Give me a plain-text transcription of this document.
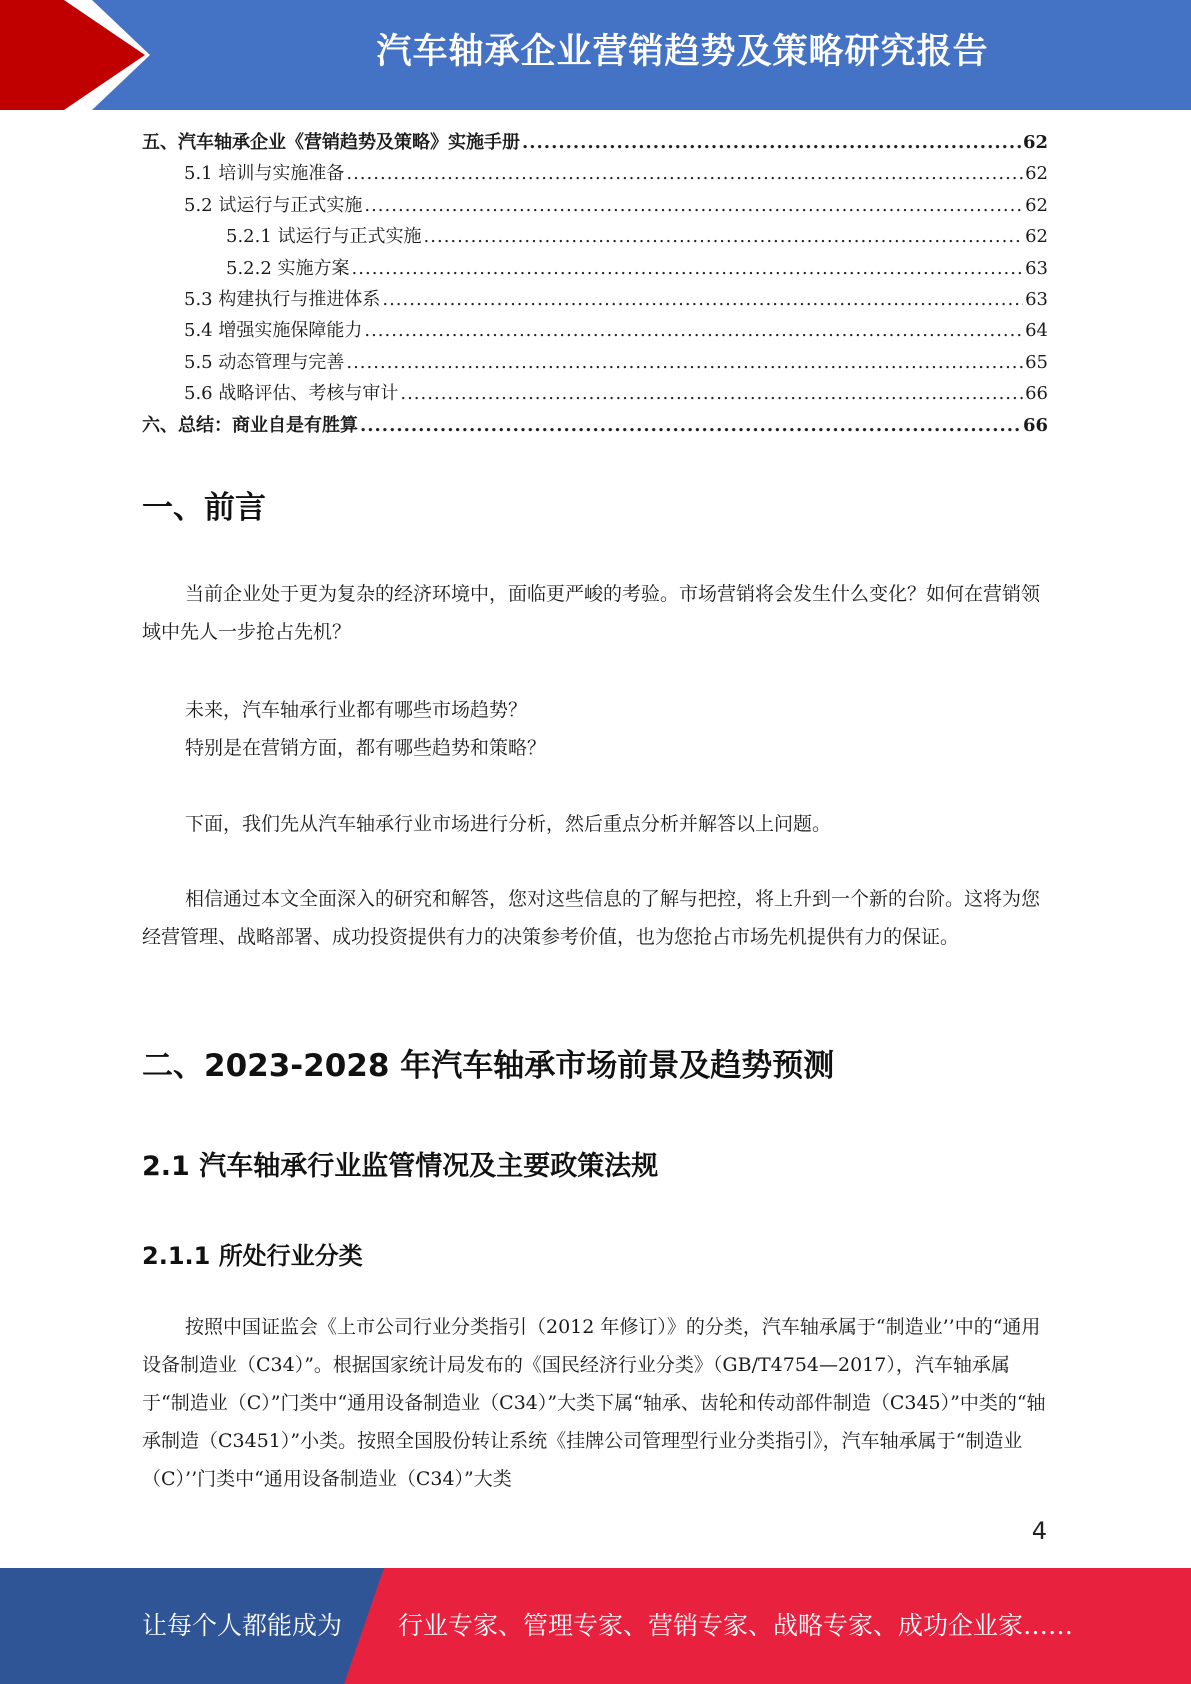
汽车轴承企业营销趋势及策略研究报告
五、汽车轴承企业《营销趋势及策略》实施手册 .....	62
5.1 培训与实施准备 .....	62
5.2 试运行与正式实施 .....	62
5.2.1 试运行与正式实施 .....	62
5.2.2 实施方案 .....	63
5.3 构建执行与推进体系 .....	63
5.4 增强实施保障能力 .....	64
5.5 动态管理与完善 .....	65
5.6 战略评估、考核与审计 .....	66
六、总结：商业自是有胜算 .....	66
一、前言
当前企业处于更为复杂的经济环境中，面临更严峻的考验。市场营销将会发生什么变化？如何在营销领域中先人一步抢占先机？
未来，汽车轴承行业都有哪些市场趋势？
特别是在营销方面，都有哪些趋势和策略？
下面，我们先从汽车轴承行业市场进行分析，然后重点分析并解答以上问题。
相信通过本文全面深入的研究和解答，您对这些信息的了解与把控，将上升到一个新的台阶。这将为您经营管理、战略部署、成功投资提供有力的决策参考价值，也为您抢占市场先机提供有力的保证。
二、2023-2028 年汽车轴承市场前景及趋势预测
2.1 汽车轴承行业监管情况及主要政策法规
2.1.1 所处行业分类
按照中国证监会《上市公司行业分类指引（2012 年修订）》的分类，汽车轴承属于“制造业’’中的“通用设备制造业（C34）”。根据国家统计局发布的《国民经济行业分类》（GB/T4754—2017），汽车轴承属于“制造业（C）”门类中“通用设备制造业（C34）”大类下属“轴承、齿轮和传动部件制造（C345）”中类的“轴承制造（C3451）”小类。按照全国股份转让系统《挂牌公司管理型行业分类指引》，汽车轴承属于“制造业（C）’’门类中“通用设备制造业（C34）”大类
4
让每个人都能成为 行业专家、管理专家、营销专家、战略专家、成功企业家……
